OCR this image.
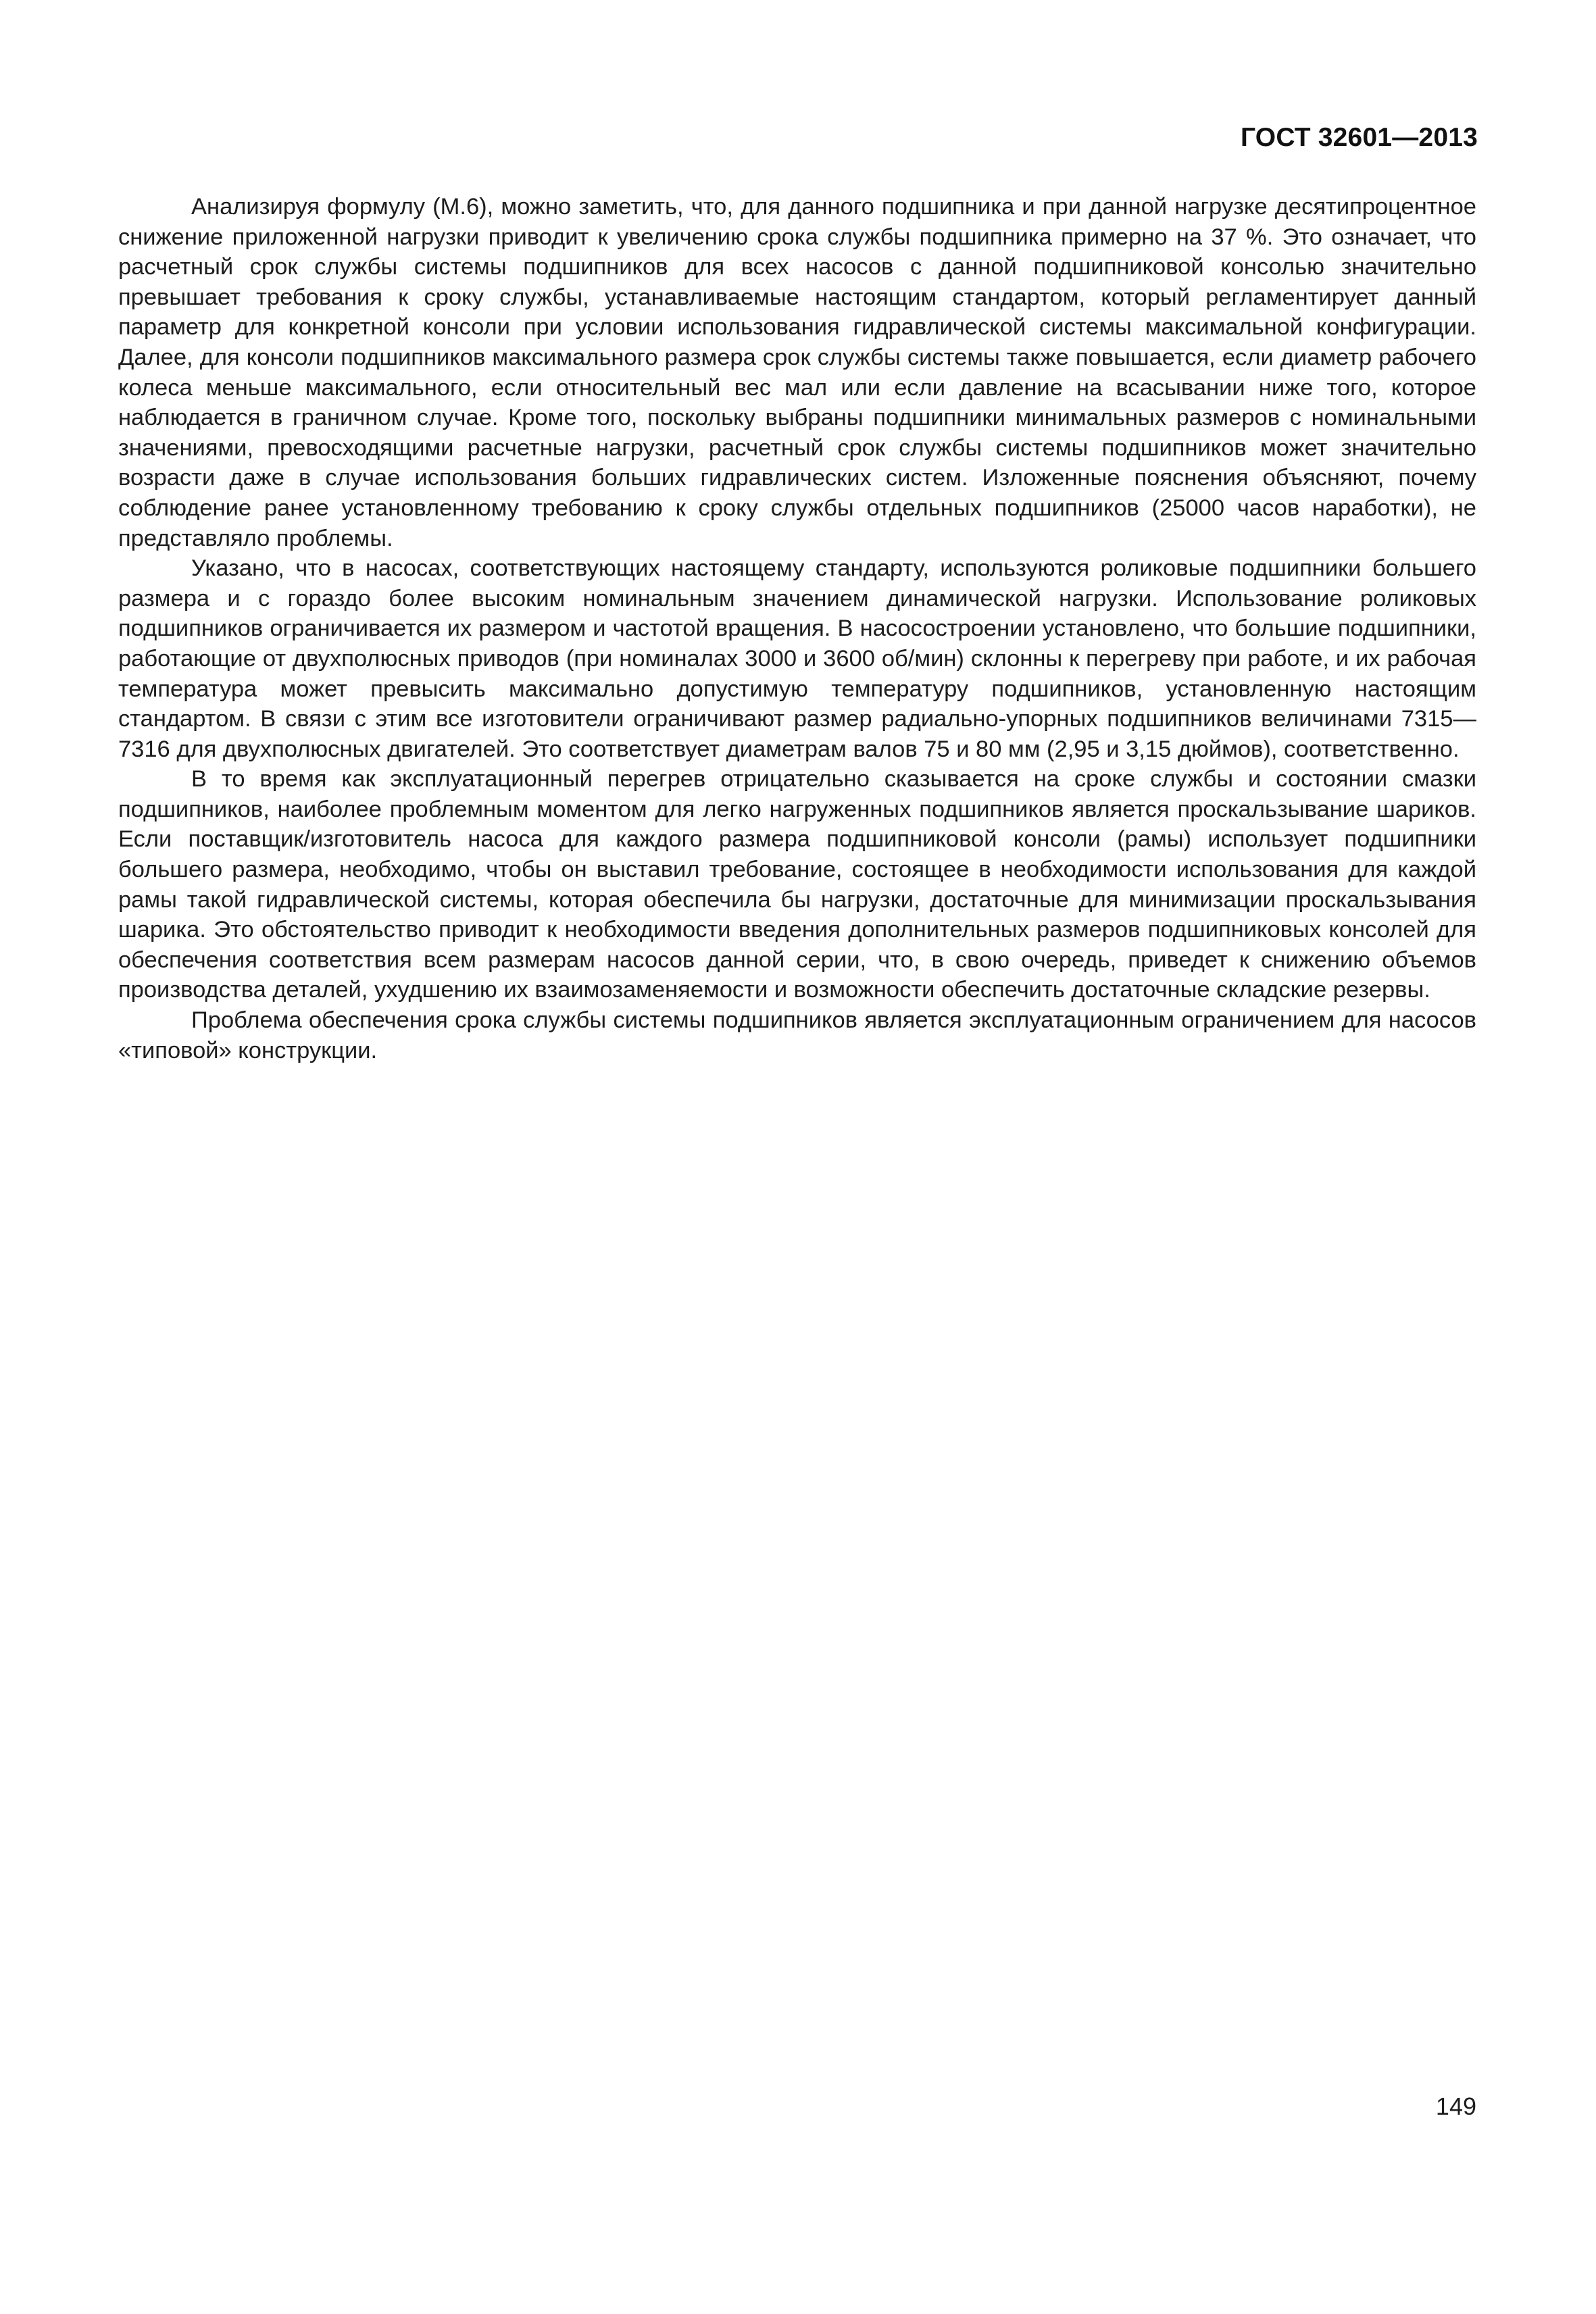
ГОСТ 32601—2013

Анализируя формулу (М.6), можно заметить, что, для данного подшипника и при данной нагрузке десятипроцентное снижение приложенной нагрузки приводит к увеличению срока службы подшипника примерно на 37 %. Это означает, что расчетный срок службы системы подшипников для всех насосов с данной подшипниковой консолью значительно превышает требования к сроку службы, устанавливаемые настоящим стандартом, который регламентирует данный параметр для конкретной консоли при условии использования гидравлической системы максимальной конфигурации. Далее, для консоли подшипников максимального размера срок службы системы также повышается, если диаметр рабочего колеса меньше максимального, если относительный вес мал или если давление на всасывании ниже того, которое наблюдается в граничном случае. Кроме того, поскольку выбраны подшипники минимальных размеров с номинальными значениями, превосходящими расчетные нагрузки, расчетный срок службы системы подшипников может значительно возрасти даже в случае использования больших гидравлических систем. Изложенные пояснения объясняют, почему соблюдение ранее установленному требованию к сроку службы отдельных подшипников (25000 часов наработки), не представляло проблемы.

Указано, что в насосах, соответствующих настоящему стандарту, используются роликовые подшипники большего размера и с гораздо более высоким номинальным значением динамической нагрузки. Использование роликовых подшипников ограничивается их размером и частотой вращения. В насосостроении установлено, что большие подшипники, работающие от двухполюсных приводов (при номиналах 3000 и 3600 об/мин) склонны к перегреву при работе, и их рабочая температура может превысить максимально допустимую температуру подшипников, установленную настоящим стандартом. В связи с этим все изготовители ограничивают размер радиально-упорных подшипников величинами 7315—7316 для двухполюсных двигателей. Это соответствует диаметрам валов 75 и 80 мм (2,95 и 3,15 дюймов), соответственно.

В то время как эксплуатационный перегрев отрицательно сказывается на сроке службы и состоянии смазки подшипников, наиболее проблемным моментом для легко нагруженных подшипников является проскальзывание шариков. Если поставщик/изготовитель насоса для каждого размера подшипниковой консоли (рамы) использует подшипники большего размера, необходимо, чтобы он выставил требование, состоящее в необходимости использования для каждой рамы такой гидравлической системы, которая обеспечила бы нагрузки, достаточные для минимизации проскальзывания шарика. Это обстоятельство приводит к необходимости введения дополнительных размеров подшипниковых консолей для обеспечения соответствия всем размерам насосов данной серии, что, в свою очередь, приведет к снижению объемов производства деталей, ухудшению их взаимозаменяемости и возможности обеспечить достаточные складские резервы.

Проблема обеспечения срока службы системы подшипников является эксплуатационным ограничением для насосов «типовой» конструкции.

149
